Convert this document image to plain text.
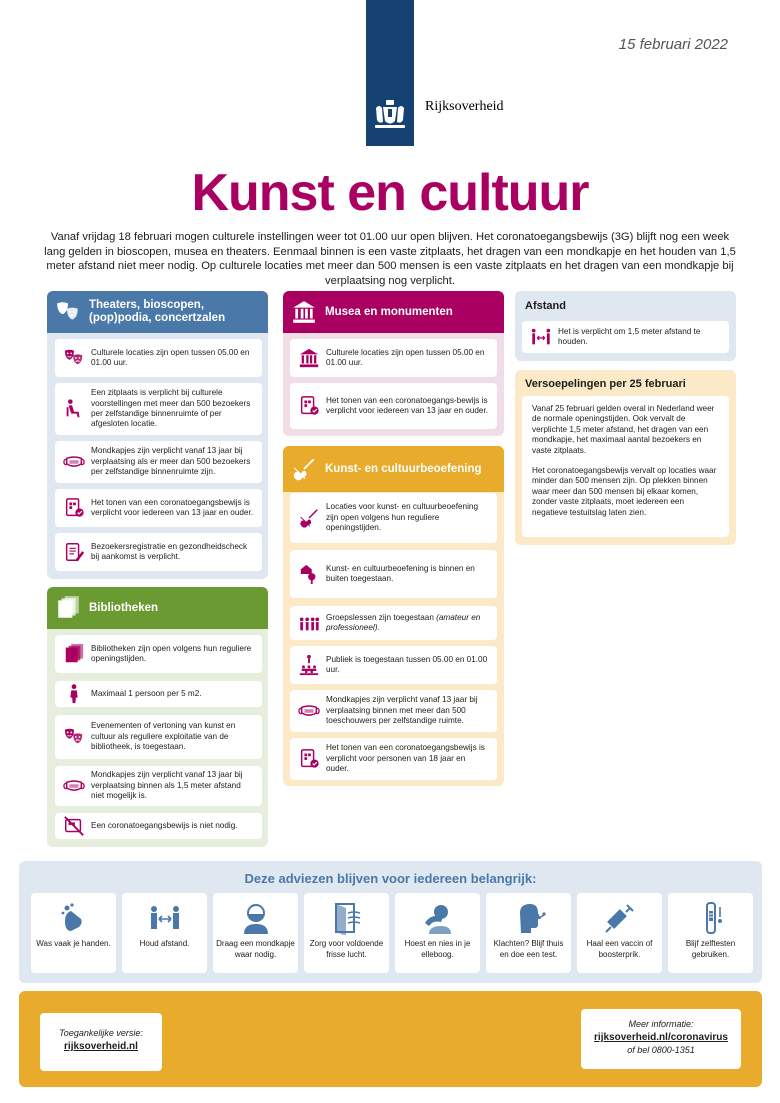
Rijksoverheid
15 februari 2022
Kunst en cultuur
Vanaf vrijdag 18 februari mogen culturele instellingen weer tot 01.00 uur open blijven. Het coronatoegangsbewijs (3G) blijft nog een week lang gelden in bioscopen, musea en theaters. Eenmaal binnen is een vaste zitplaats, het dragen van een mondkapje en het houden van 1,5 meter afstand niet meer nodig. Op culturele locaties met meer dan 500 mensen is een vaste zitplaats en het dragen van een mondkapje bij verplaatsing nog verplicht.
Theaters, bioscopen, (pop)podia, concertzalen
Culturele locaties zijn open tussen 05.00 en 01.00 uur.
Een zitplaats is verplicht bij culturele voorstellingen met meer dan 500 bezoekers per zelfstandige binnenruimte of per afgesloten locatie.
Mondkapjes zijn verplicht vanaf 13 jaar bij verplaatsing als er meer dan 500 bezoekers per zelfstandige binnenruimte zijn.
Het tonen van een coronatoegangsbewijs is verplicht voor iedereen van 13 jaar en ouder.
Bezoekersregistratie en gezondheidscheck bij aankomst is verplicht.
Bibliotheken
Bibliotheken zijn open volgens hun reguliere openingstijden.
Maximaal 1 persoon per 5 m2.
Evenementen of vertoning van kunst en cultuur als reguliere exploitatie van de bibliotheek, is toegestaan.
Mondkapjes zijn verplicht vanaf 13 jaar bij verplaatsing binnen als 1,5 meter afstand niet mogelijk is.
Een coronatoegangsbewijs is niet nodig.
Musea en monumenten
Culturele locaties zijn open tussen 05.00 en 01.00 uur.
Het tonen van een coronatoegangs-bewijs is verplicht voor iedereen van 13 jaar en ouder.
Kunst- en cultuurbeoefening
Locaties voor kunst- en cultuurbeoefening zijn open volgens hun reguliere openingstijden.
Kunst- en cultuurbeoefening is binnen en buiten toegestaan.
Groepslessen zijn toegestaan (amateur en professioneel).
Publiek is toegestaan tussen 05.00 en 01.00 uur.
Mondkapjes zijn verplicht vanaf 13 jaar bij verplaatsing binnen met meer dan 500 toeschouwers per zelfstandige ruimte.
Het tonen van een coronatoegangsbewijs is verplicht voor personen van 18 jaar en ouder.
Afstand
Het is verplicht om 1,5 meter afstand te houden.
Versoepelingen per 25 februari
Vanaf 25 februari gelden overal in Nederland weer de normale openingstijden. Ook vervalt de verplichte 1,5 meter afstand, het dragen van een mondkapje, het maximaal aantal bezoekers en vaste zitplaats.
Het coronatoegangsbewijs vervalt op locaties waar minder dan 500 mensen zijn. Op plekken binnen waar meer dan 500 mensen bij elkaar komen, zonder vaste zitplaats, moet iedereen een negatieve testuitslag laten zien.
Deze adviezen blijven voor iedereen belangrijk:
Was vaak je handen.	Houd afstand.	Draag een mondkapje waar nodig.
Zorg voor voldoende frisse lucht.
Hoest en nies in je elleboog.
Klachten? Blijf thuis en doe een test.
Haal een vaccin of boosterprik.
Blijf zelftesten gebruiken.
Toegankelijke versie:
rijksoverheid.nl
Meer informatie:
rijksoverheid.nl/coronavirus
of bel 0800-1351
